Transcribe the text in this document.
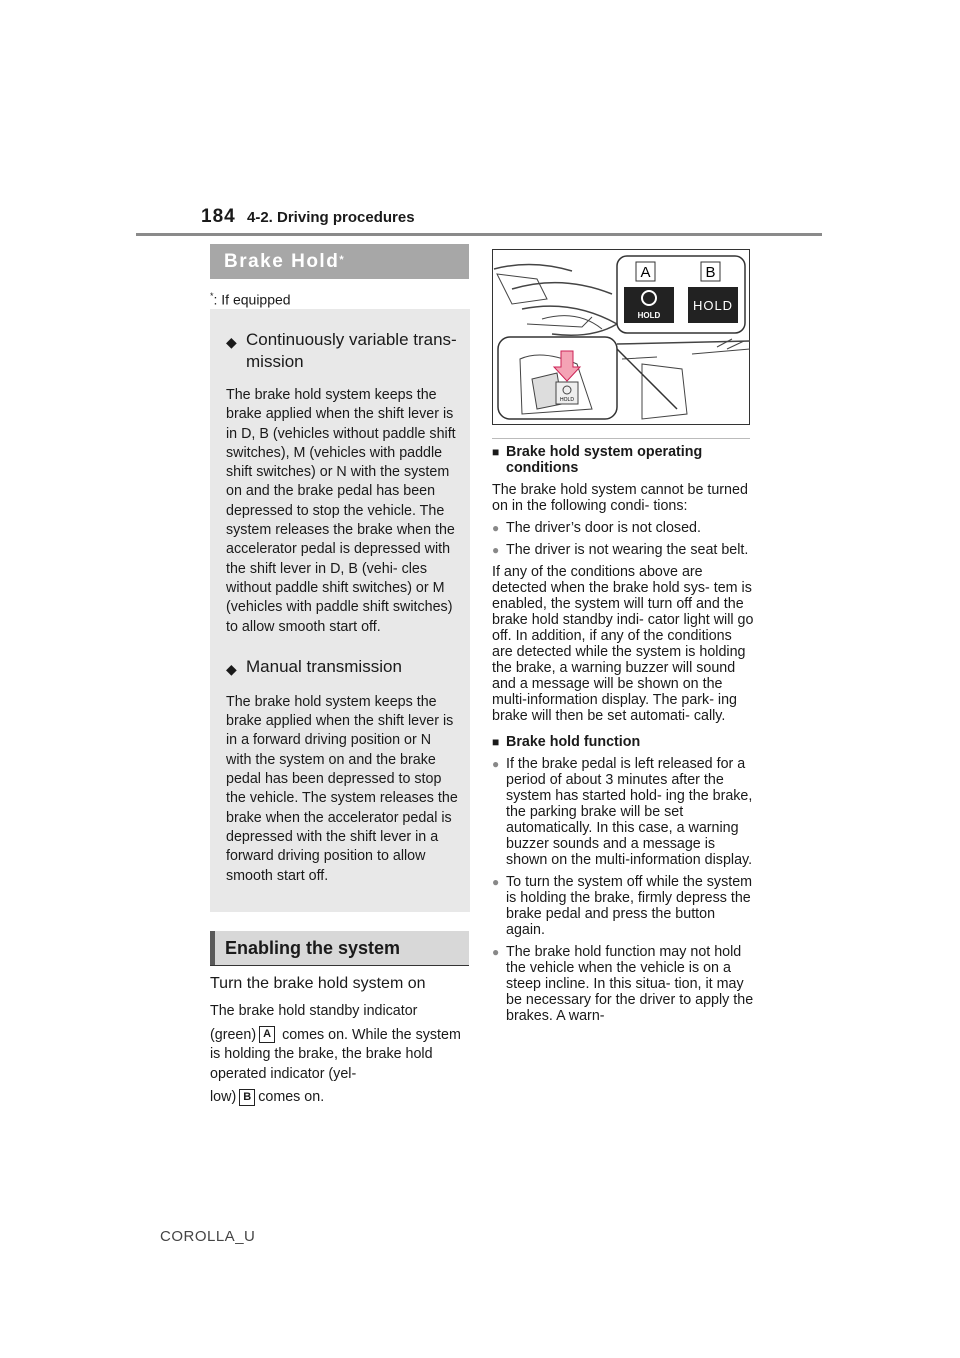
184 4-2. Driving procedures
Brake Hold*
*: If equipped
◆ Continuously variable trans-
mission
The brake hold system keeps the brake applied when the shift lever is in D, B (vehicles without paddle shift switches), M (vehicles with paddle shift switches) or N with the system on and the brake pedal has been depressed to stop the vehicle. The system releases the brake when the accelerator pedal is depressed with the shift lever in D, B (vehi- cles without paddle shift switches) or M (vehicles with paddle shift switches) to allow smooth start off.
◆ Manual transmission
The brake hold system keeps the brake applied when the shift lever is in a forward driving position or N with the system on and the brake pedal has been depressed to stop the vehicle. The system releases the brake when the accelerator pedal is depressed with the shift lever in a forward driving position to allow smooth start off.
Enabling the system
Turn the brake hold system on
The brake hold standby indicator
(green) A comes on. While the system is holding the brake, the brake hold operated indicator (yel-
low) B comes on.
A	B
HOLD
HOLD
HOLD
■ Brake hold system operating conditions
The brake hold system cannot be turned on in the following condi- tions:
● The driver’s door is not closed.
● The driver is not wearing the seat belt.
If any of the conditions above are detected when the brake hold sys- tem is enabled, the system will turn off and the brake hold standby indi- cator light will go off. In addition, if any of the conditions are detected while the system is holding the brake, a warning buzzer will sound and a message will be shown on the multi-information display. The park- ing brake will then be set automati- cally.
■ Brake hold function
● If the brake pedal is left released for a period of about 3 minutes after the system has started hold- ing the brake, the parking brake will be set automatically. In this case, a warning buzzer sounds and a message is shown on the multi-information display.
● To turn the system off while the system is holding the brake, firmly depress the brake pedal and press the button again.
● The brake hold function may not hold the vehicle when the vehicle is on a steep incline. In this situa- tion, it may be necessary for the driver to apply the brakes. A warn-
COROLLA_U
